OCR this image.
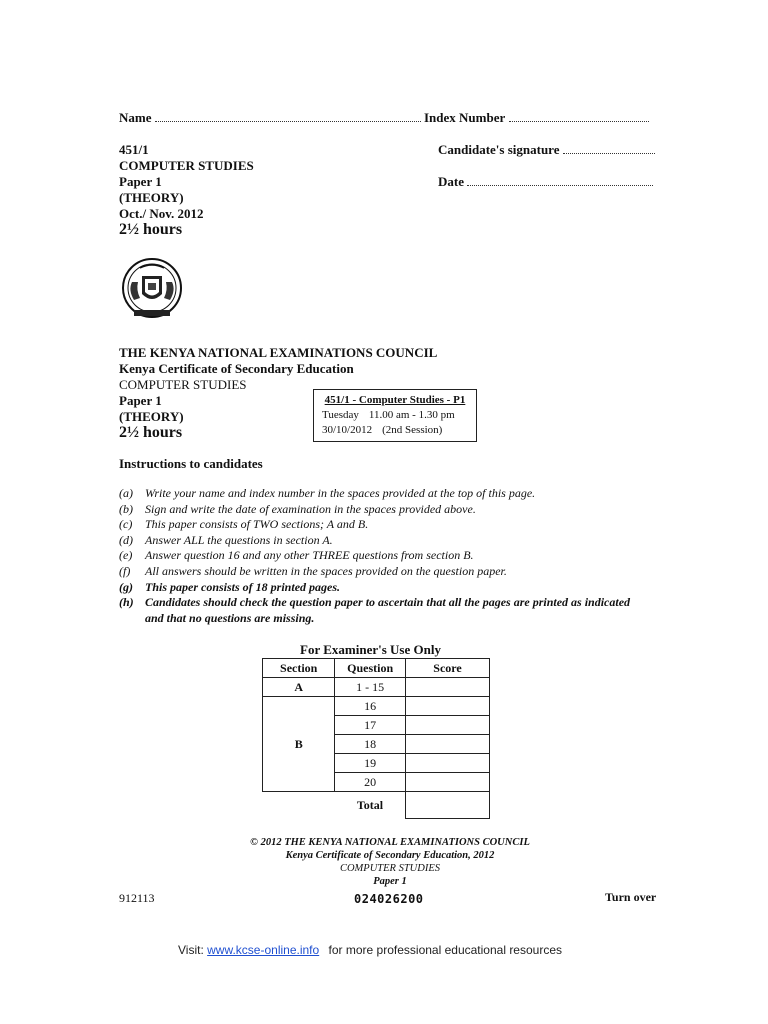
Name	Index Number
451/1
COMPUTER STUDIES
Paper 1
(THEORY)
Oct./ Nov. 2012
2½ hours
Candidate's signature
Date
THE KENYA NATIONAL EXAMINATIONS COUNCIL
Kenya Certificate of Secondary Education
COMPUTER STUDIES
Paper 1
(THEORY)
2½ hours
451/1 - Computer Studies - P1
Tuesday 11.00 am - 1.30 pm
30/10/2012 (2nd Session)
Instructions to candidates
(a)	Write your name and index number in the spaces provided at the top of this page.
(b)	Sign and write the date of examination in the spaces provided above.
(c)	This paper consists of TWO sections; A and B.
(d)	Answer ALL the questions in section A.
(e)	Answer question 16 and any other THREE questions from section B.
(f)	All answers should be written in the spaces provided on the question paper.
(g)	This paper consists of 18 printed pages.
(h) Candidates should check the question paper to ascertain that all the pages are printed as indicated and that no questions are missing.
For Examiner's Use Only
Section	Question	Score
A	1 - 15	
B	16	
	17	
	18	
	19	
	20	
	Total	
© 2012 THE KENYA NATIONAL EXAMINATIONS COUNCIL
Kenya Certificate of Secondary Education, 2012
COMPUTER STUDIES
Paper 1
912113	024026200	Turn over
Visit: www.kcse-online.info for more professional educational resources
